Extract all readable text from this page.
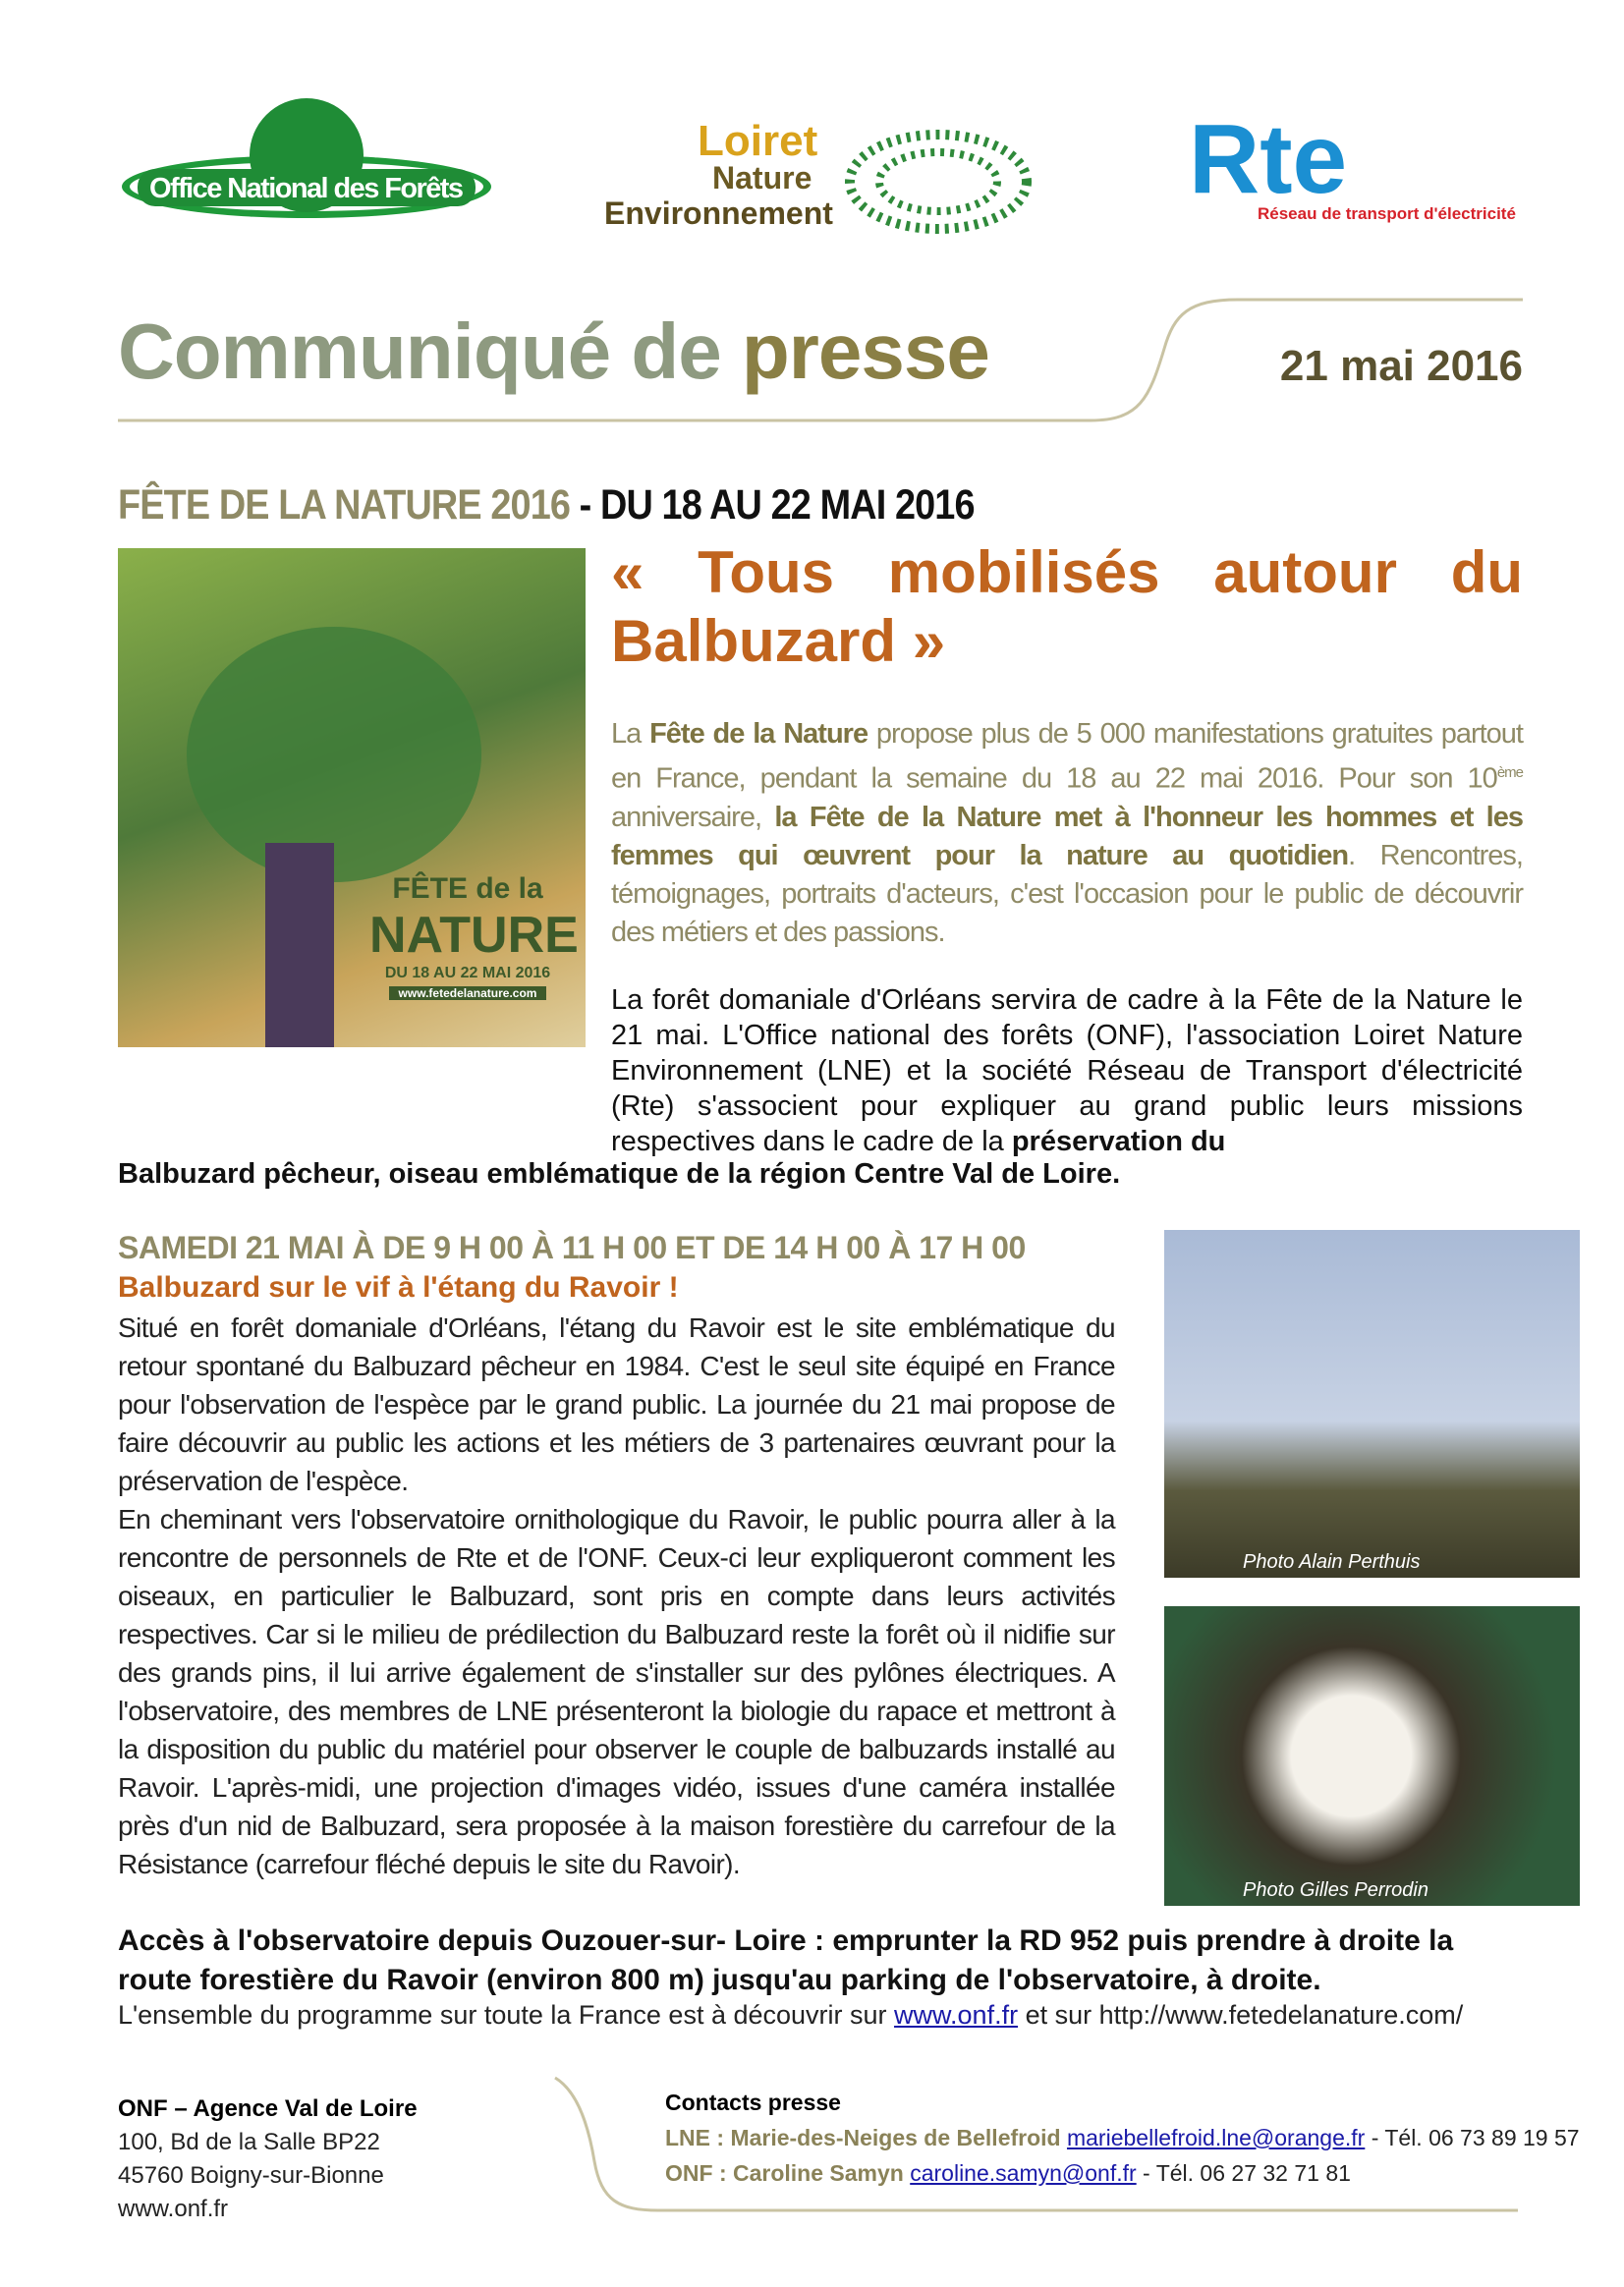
Office National des Forêts
Loiret
Nature
Environnement	Rte
Réseau de transport d'électricité
Communiqué de presse	21 mai 2016
FÊTE DE LA NATURE 2016 - DU 18 AU 22 MAI 2016
FÊTE de la
NATURE
DU 18 AU 22 MAI 2016
www.fetedelanature.com
« Tous mobilisés autour du Balbuzard »
La Fête de la Nature propose plus de 5 000 manifestations gratuites partout en France, pendant la semaine du 18 au 22 mai 2016. Pour son 10ème anniversaire, la Fête de la Nature met à l'honneur les hommes et les femmes qui œuvrent pour la nature au quotidien. Rencontres, témoignages, portraits d'acteurs, c'est l'occasion pour le public de découvrir des métiers et des passions.
La forêt domaniale d'Orléans servira de cadre à la Fête de la Nature le 21 mai. L'Office national des forêts (ONF), l'association Loiret Nature Environnement (LNE) et la société Réseau de Transport d'électricité (Rte) s'associent pour expliquer au grand public leurs missions respectives dans le cadre de la préservation du
Balbuzard pêcheur, oiseau emblématique de la région Centre Val de Loire.
SAMEDI 21 MAI À DE 9 H 00 À 11 H 00 ET DE 14 H 00 À 17 H 00
Balbuzard sur le vif à l'étang du Ravoir !

Situé en forêt domaniale d'Orléans, l'étang du Ravoir est le site emblématique du retour spontané du Balbuzard pêcheur en 1984. C'est le seul site équipé en France pour l'observation de l'espèce par le grand public. La journée du 21 mai propose de faire découvrir au public les actions et les métiers de 3 partenaires œuvrant pour la préservation de l'espèce.

En cheminant vers l'observatoire ornithologique du Ravoir, le public pourra aller à la rencontre de personnels de Rte et de l'ONF. Ceux-ci leur expliqueront comment les oiseaux, en particulier le Balbuzard, sont pris en compte dans leurs activités respectives. Car si le milieu de prédilection du Balbuzard reste la forêt où il nidifie sur des grands pins, il lui arrive également de s'installer sur des pylônes électriques. A l'observatoire, des membres de LNE présenteront la biologie du rapace et mettront à la disposition du public du matériel pour observer le couple de balbuzards installé au Ravoir. L'après-midi, une projection d'images vidéo, issues d'une caméra installée près d'un nid de Balbuzard, sera proposée à la maison forestière du carrefour de la Résistance (carrefour fléché depuis le site du Ravoir).

Photo Alain Perthuis
Photo Gilles Perrodin
Accès à l'observatoire depuis Ouzouer-sur- Loire : emprunter la RD 952 puis prendre à droite la route forestière du Ravoir (environ 800 m) jusqu'au parking de l'observatoire, à droite.
L'ensemble du programme sur toute la France est à découvrir sur www.onf.fr et sur http://www.fetedelanature.com/
ONF – Agence Val de Loire
100, Bd de la Salle BP22
45760 Boigny-sur-Bionne
www.onf.fr
Contacts presse
LNE : Marie-des-Neiges de Bellefroid mariebellefroid.lne@orange.fr - Tél. 06 73 89 19 57
ONF : Caroline Samyn caroline.samyn@onf.fr - Tél. 06 27 32 71 81
